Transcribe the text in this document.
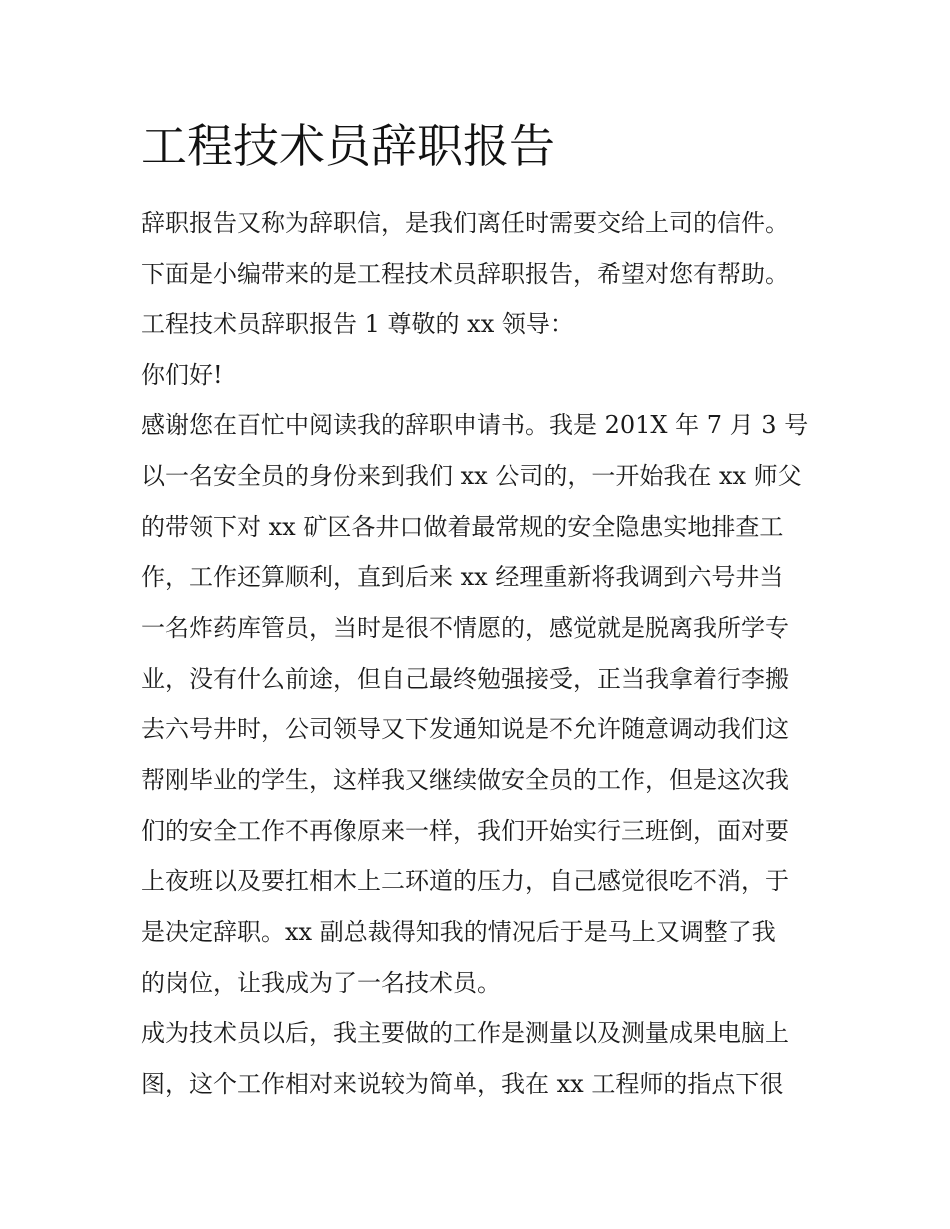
工程技术员辞职报告

辞职报告又称为辞职信，是我们离任时需要交给上司的信件。

下面是小编带来的是工程技术员辞职报告，希望对您有帮助。

工程技术员辞职报告 1 尊敬的 xx 领导：

你们好!

感谢您在百忙中阅读我的辞职申请书。我是 201X 年 7 月 3 号

以一名安全员的身份来到我们 xx 公司的，一开始我在 xx 师父

的带领下对 xx 矿区各井口做着最常规的安全隐患实地排查工

作，工作还算顺利，直到后来 xx 经理重新将我调到六号井当

一名炸药库管员，当时是很不情愿的，感觉就是脱离我所学专

业，没有什么前途，但自己最终勉强接受，正当我拿着行李搬

去六号井时，公司领导又下发通知说是不允许随意调动我们这

帮刚毕业的学生，这样我又继续做安全员的工作，但是这次我

们的安全工作不再像原来一样，我们开始实行三班倒，面对要

上夜班以及要扛相木上二环道的压力，自己感觉很吃不消，于

是决定辞职。xx 副总裁得知我的情况后于是马上又调整了我

的岗位，让我成为了一名技术员。

成为技术员以后，我主要做的工作是测量以及测量成果电脑上

图，这个工作相对来说较为简单，我在 xx 工程师的指点下很
